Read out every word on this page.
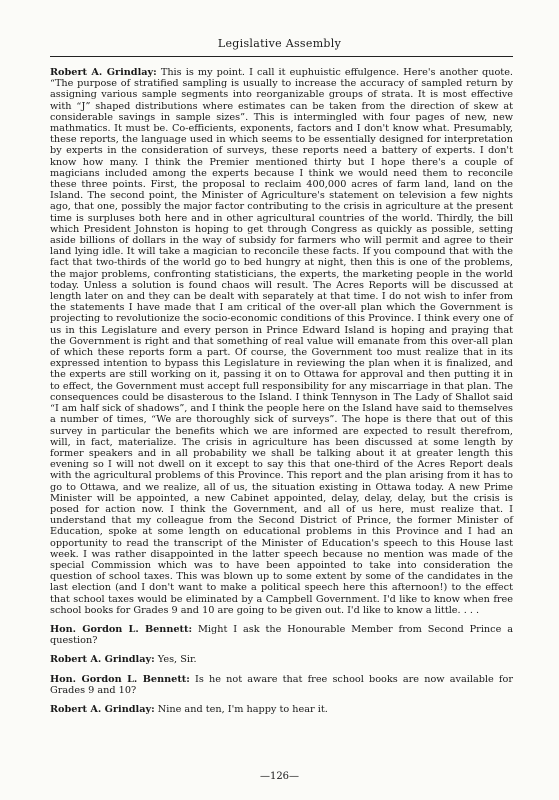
Legislative Assembly

Robert A. Grindlay: This is my point. I call it euphuistic effulgence. Here's another quote. “The purpose of stratified sampling is usually to increase the accuracy of sampled return by assigning various sample segments into reorganizable groups of strata. It is most effective with “J” shaped distributions where estimates can be taken from the direction of skew at considerable savings in sample sizes”. This is intermingled with four pages of new, new mathmatics. It must be. Co-efficients, exponents, factors and I don't know what. Presumably, these reports, the language used in which seems to be essentially designed for interpretation by experts in the consideration of surveys, these reports need a battery of experts. I don't know how many. I think the Premier mentioned thirty but I hope there's a couple of magicians included among the experts because I think we would need them to reconcile these three points. First, the proposal to reclaim 400,000 acres of farm land, land on the Island. The second point, the Minister of Agriculture's statement on television a few nights ago, that one, possibly the major factor contributing to the crisis in agriculture at the present time is surpluses both here and in other agricultural countries of the world. Thirdly, the bill which President Johnston is hoping to get through Congress as quickly as possible, setting aside billions of dollars in the way of subsidy for farmers who will permit and agree to their land lying idle. It will take a magician to reconcile these facts. If you compound that with the fact that two-thirds of the world go to bed hungry at night, then this is one of the problems, the major problems, confronting statisticians, the experts, the marketing people in the world today. Unless a solution is found chaos will result. The Acres Reports will be discussed at length later on and they can be dealt with separately at that time. I do not wish to infer from the statements I have made that I am critical of the over-all plan which the Government is projecting to revolutionize the socio-economic conditions of this Province. I think every one of us in this Legislature and every person in Prince Edward Island is hoping and praying that the Government is right and that something of real value will emanate from this over-all plan of which these reports form a part. Of course, the Government too must realize that in its expressed intention to bypass this Legislature in reviewing the plan when it is finalized, and the experts are still working on it, passing it on to Ottawa for approval and then putting it in to effect, the Government must accept full responsibility for any miscarriage in that plan. The consequences could be disasterous to the Island. I think Tennyson in The Lady of Shallot said “I am half sick of shadows”, and I think the people here on the Island have said to themselves a number of times, “We are thoroughly sick of surveys”. The hope is there that out of this survey in particular the benefits which we are informed are expected to result therefrom, will, in fact, materialize. The crisis in agriculture has been discussed at some length by former speakers and in all probability we shall be talking about it at greater length this evening so I will not dwell on it except to say this that one-third of the Acres Report deals with the agricultural problems of this Province. This report and the plan arising from it has to go to Ottawa, and we realize, all of us, the situation existing in Ottawa today. A new Prime Minister will be appointed, a new Cabinet appointed, delay, delay, delay, but the crisis is posed for action now. I think the Government, and all of us here, must realize that. I understand that my colleague from the Second District of Prince, the former Minister of Education, spoke at some length on educational problems in this Province and I had an opportunity to read the transcript of the Minister of Education's speech to this House last week. I was rather disappointed in the latter speech because no mention was made of the special Commission which was to have been appointed to take into consideration the question of school taxes. This was blown up to some extent by some of the candidates in the last election (and I don't want to make a political speech here this afternoon!) to the effect that school taxes would be eliminated by a Campbell Government. I'd like to know when free school books for Grades 9 and 10 are going to be given out. I'd like to know a little. . . .

Hon. Gordon L. Bennett: Might I ask the Honourable Member from Second Prince a question?

Robert A. Grindlay: Yes, Sir.

Hon. Gordon L. Bennett: Is he not aware that free school books are now available for Grades 9 and 10?

Robert A. Grindlay: Nine and ten, I'm happy to hear it.

—126—
